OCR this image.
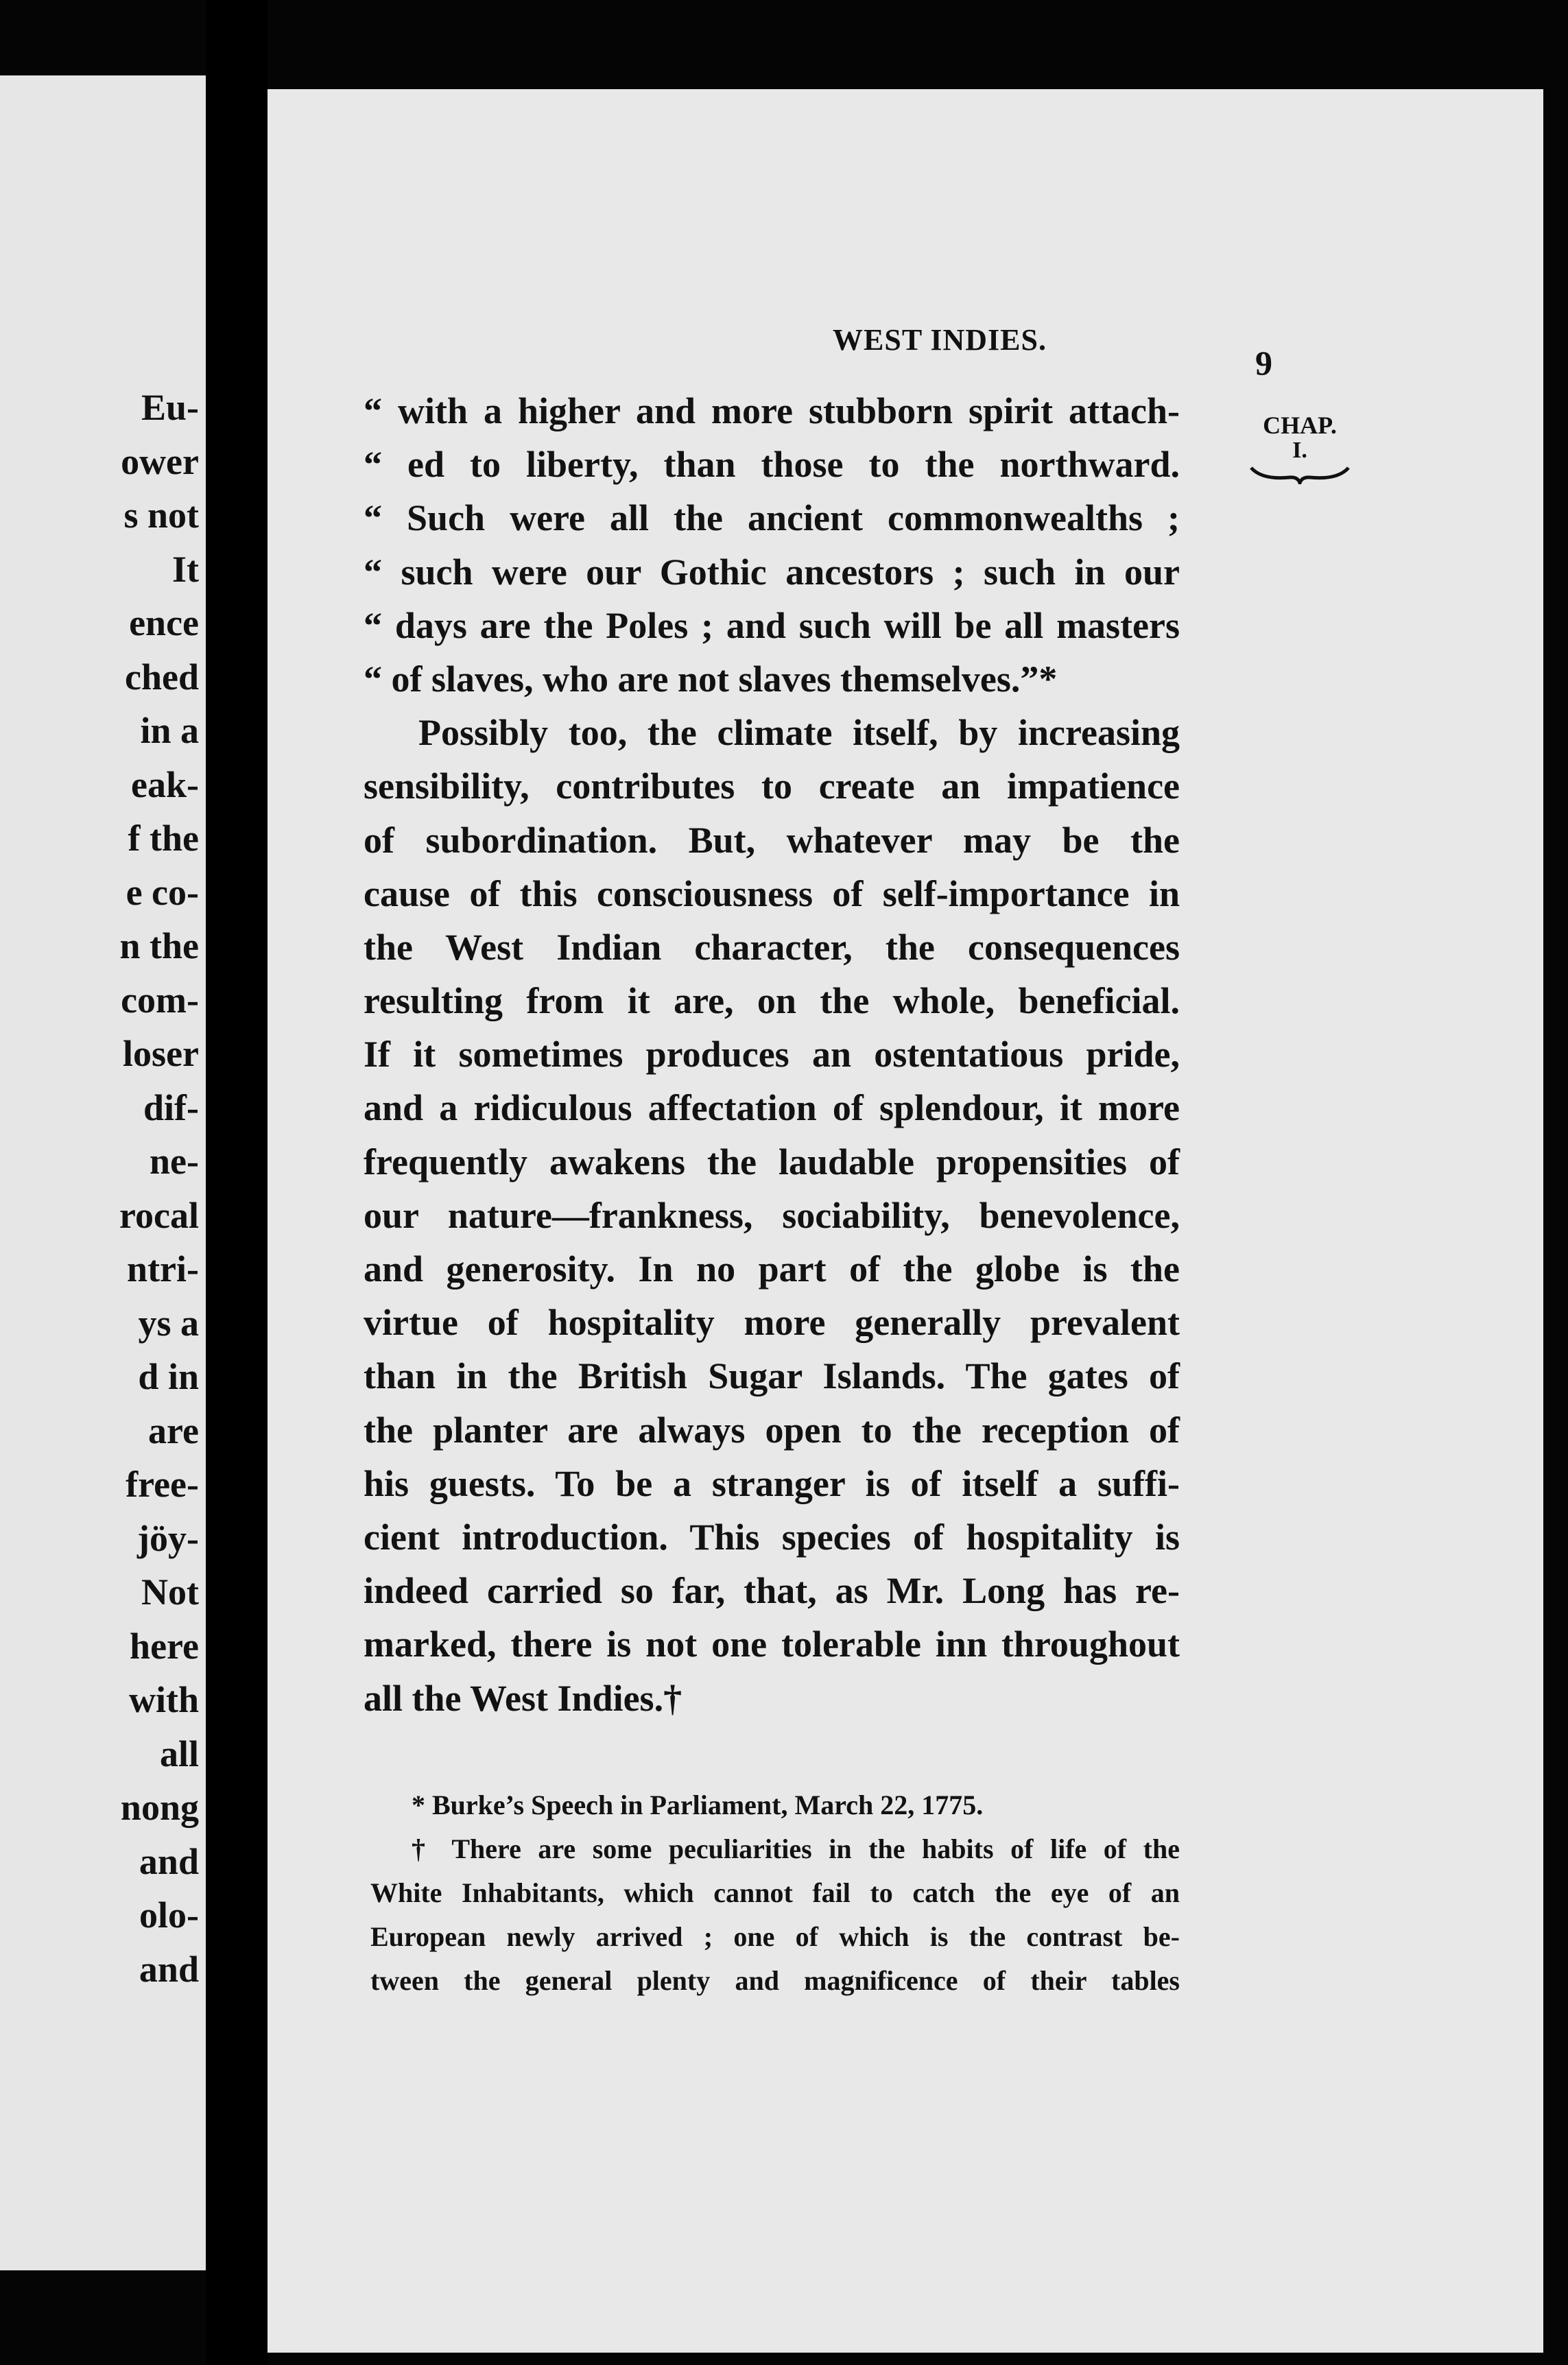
Eu-
ower
s not
It
ence
ched
in a
eak-
f the
e co-
n the
com-
loser
dif-
ne-
rocal
ntri-
ys a
d in
are
free-
jöy-
Not
here
with
all
nong
and
olo-
and
WEST INDIES.
9
CHAP.
I.
“ with a higher and more stubborn spirit attach-
“ ed to liberty, than those to the northward.
“ Such were all the ancient commonwealths ;
“ such were our Gothic ancestors ; such in our
“ days are the Poles ; and such will be all masters
“ of slaves, who are not slaves themselves.”*
Possibly too, the climate itself, by increasing
sensibility, contributes to create an impatience
of subordination. But, whatever may be the
cause of this consciousness of self-importance in
the West Indian character, the consequences
resulting from it are, on the whole, beneficial.
If it sometimes produces an ostentatious pride,
and a ridiculous affectation of splendour, it more
frequently awakens the laudable propensities of
our nature—frankness, sociability, benevolence,
and generosity. In no part of the globe is the
virtue of hospitality more generally prevalent
than in the British Sugar Islands. The gates of
the planter are always open to the reception of
his guests. To be a stranger is of itself a suffi-
cient introduction. This species of hospitality is
indeed carried so far, that, as Mr. Long has re-
marked, there is not one tolerable inn throughout
all the West Indies.†
* Burke’s Speech in Parliament, March 22, 1775.
† There are some peculiarities in the habits of life of the
White Inhabitants, which cannot fail to catch the eye of an
European newly arrived ; one of which is the contrast be-
tween the general plenty and magnificence of their tables
